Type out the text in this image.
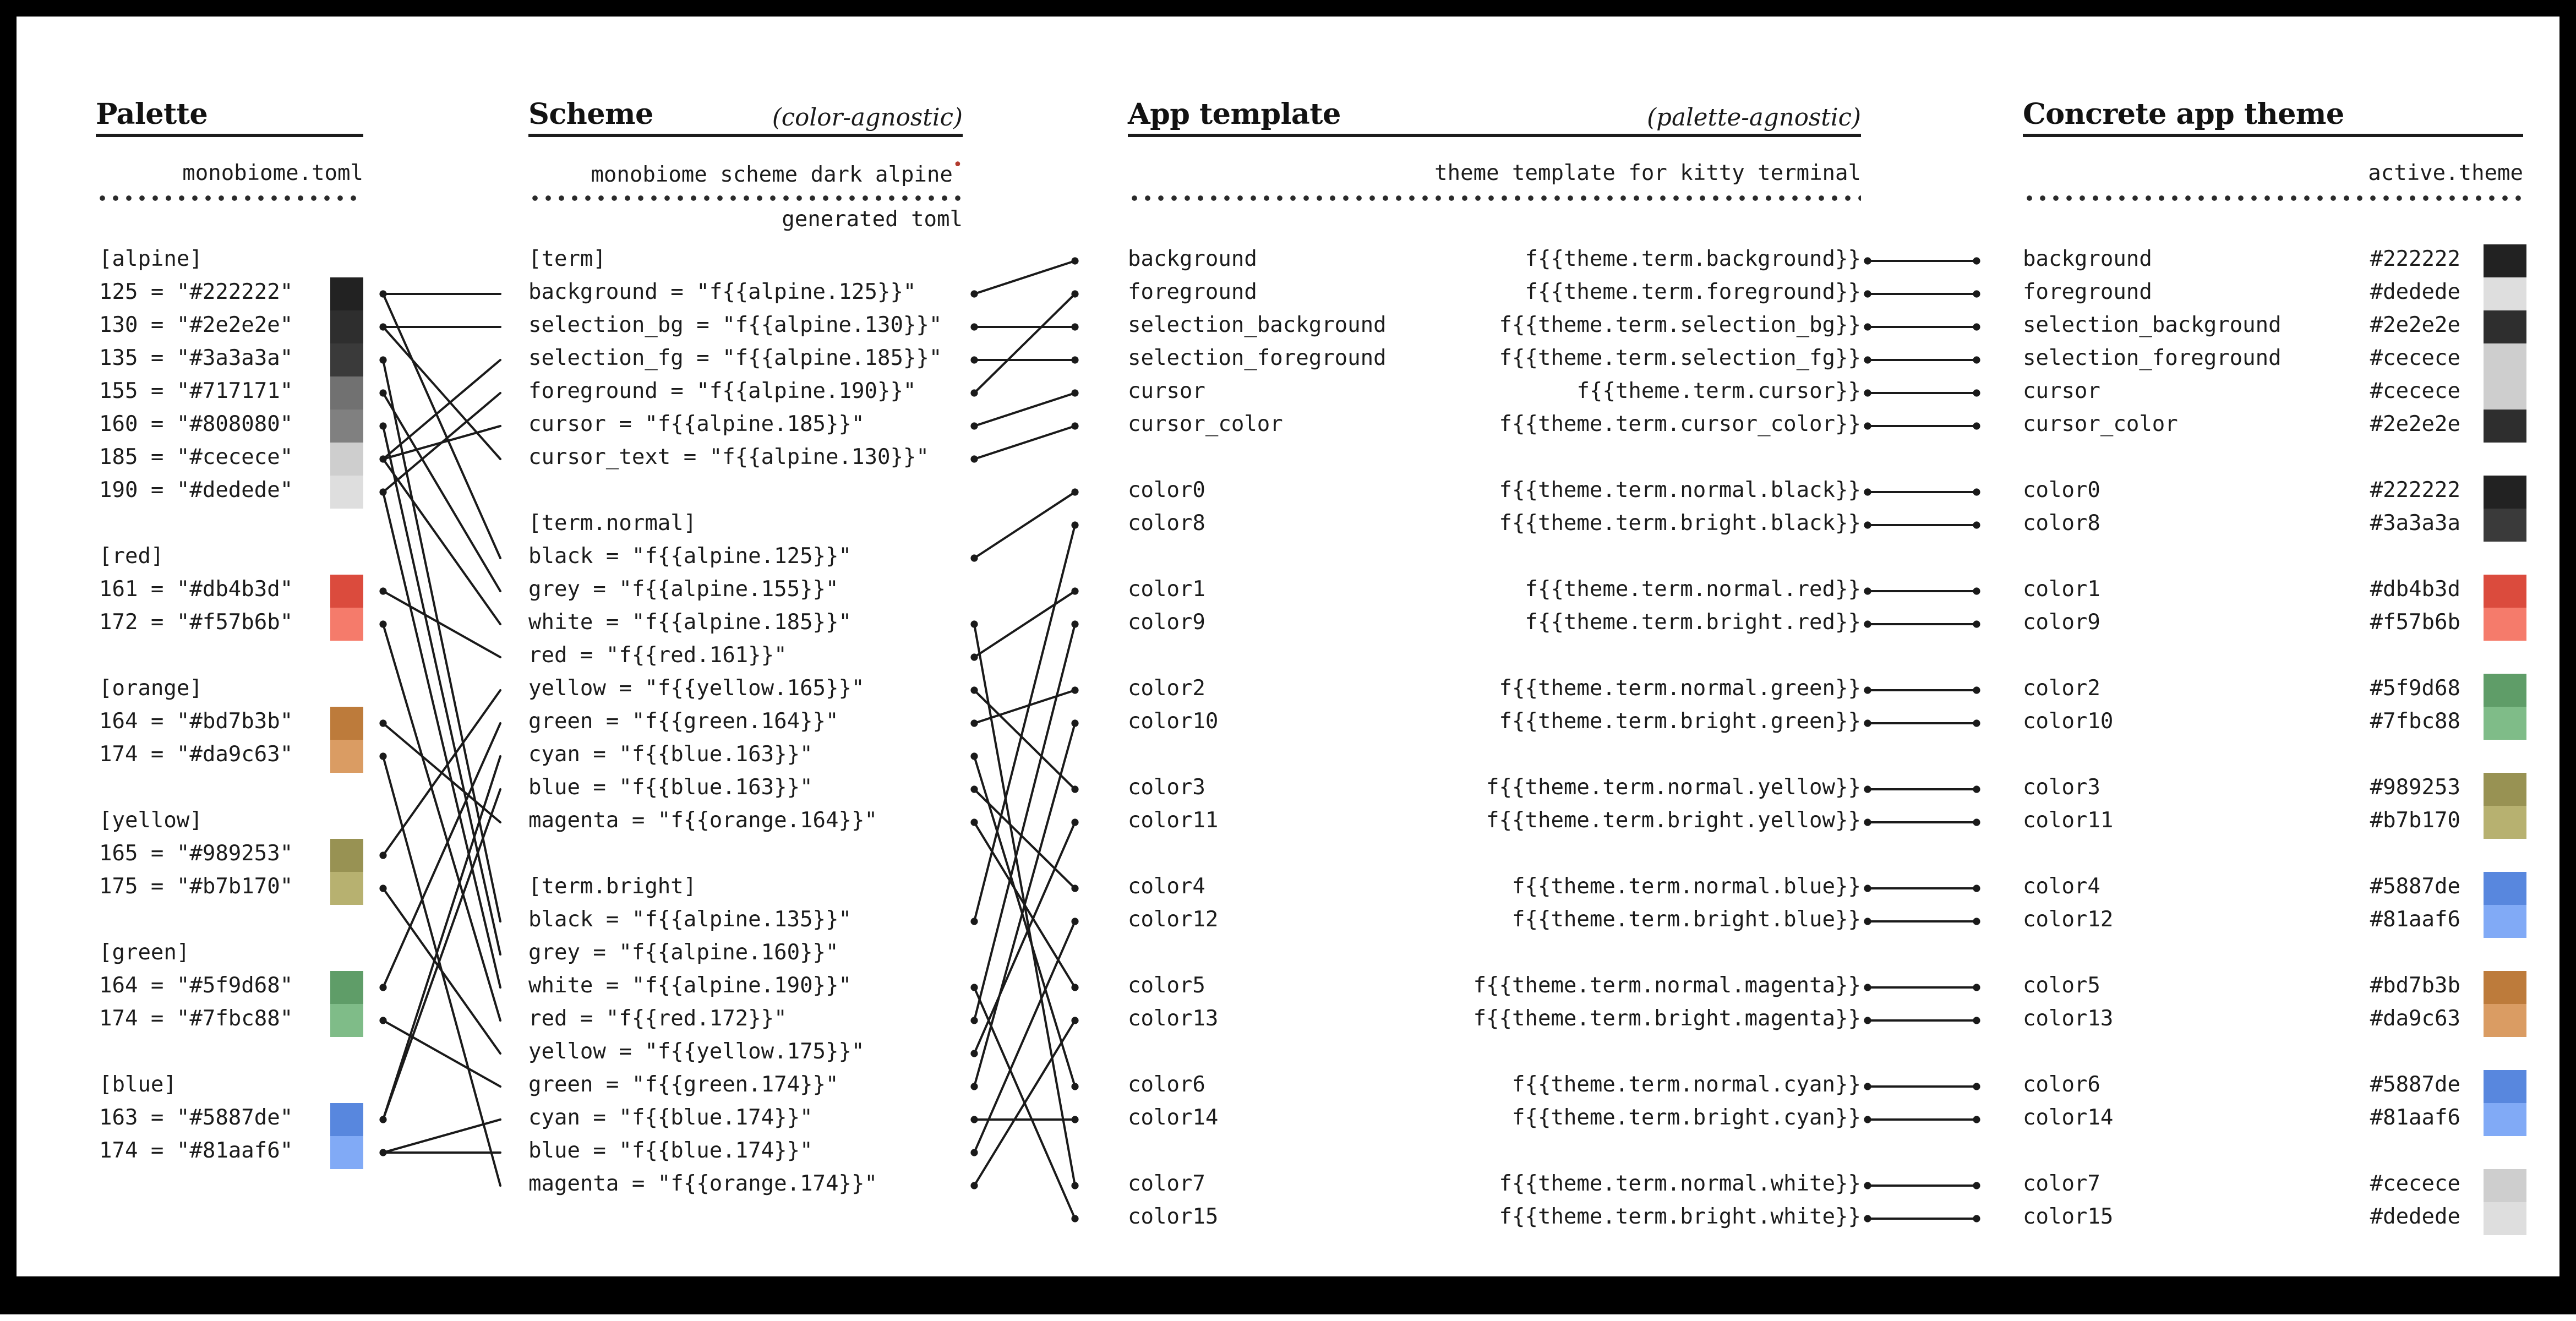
Palette
monobiome.toml
Scheme	(color-agnostic)
monobiome scheme dark alpine•
generated toml
App template	(palette-agnostic)
theme template for kitty terminal
Concrete app theme
active.theme
[alpine]
125 = "#222222"
130 = "#2e2e2e"
135 = "#3a3a3a"
155 = "#717171"
160 = "#808080"
185 = "#cecece"
190 = "#dedede"
[red]
161 = "#db4b3d"
172 = "#f57b6b"
[orange]
164 = "#bd7b3b"
174 = "#da9c63"
[yellow]
165 = "#989253"
175 = "#b7b170"
[green]
164 = "#5f9d68"
174 = "#7fbc88"
[blue]
163 = "#5887de"
174 = "#81aaf6"
[term]
background = "f{{alpine.125}}"
selection_bg = "f{{alpine.130}}"
selection_fg = "f{{alpine.185}}"
foreground = "f{{alpine.190}}"
cursor = "f{{alpine.185}}"
cursor_text = "f{{alpine.130}}"
[term.normal]
black = "f{{alpine.125}}"
grey = "f{{alpine.155}}"
white = "f{{alpine.185}}"
red = "f{{red.161}}"
yellow = "f{{yellow.165}}"
green = "f{{green.164}}"
cyan = "f{{blue.163}}"
blue = "f{{blue.163}}"
magenta = "f{{orange.164}}"
[term.bright]
black = "f{{alpine.135}}"
grey = "f{{alpine.160}}"
white = "f{{alpine.190}}"
red = "f{{red.172}}"
yellow = "f{{yellow.175}}"
green = "f{{green.174}}"
cyan = "f{{blue.174}}"
blue = "f{{blue.174}}"
magenta = "f{{orange.174}}"
background	f{{theme.term.background}}
foreground	f{{theme.term.foreground}}
selection_background	f{{theme.term.selection_bg}}
selection_foreground	f{{theme.term.selection_fg}}
cursor	f{{theme.term.cursor}}
cursor_color	f{{theme.term.cursor_color}}
color0	f{{theme.term.normal.black}}
color8	f{{theme.term.bright.black}}
color1	f{{theme.term.normal.red}}
color9	f{{theme.term.bright.red}}
color2	f{{theme.term.normal.green}}
color10	f{{theme.term.bright.green}}
color3	f{{theme.term.normal.yellow}}
color11	f{{theme.term.bright.yellow}}
color4	f{{theme.term.normal.blue}}
color12	f{{theme.term.bright.blue}}
color5	f{{theme.term.normal.magenta}}
color13	f{{theme.term.bright.magenta}}
color6	f{{theme.term.normal.cyan}}
color14	f{{theme.term.bright.cyan}}
color7	f{{theme.term.normal.white}}
color15	f{{theme.term.bright.white}}
background	#222222
foreground	#dedede
selection_background	#2e2e2e
selection_foreground	#cecece
cursor	#cecece
cursor_color	#2e2e2e
color0	#222222
color8	#3a3a3a
color1	#db4b3d
color9	#f57b6b
color2	#5f9d68
color10	#7fbc88
color3	#989253
color11	#b7b170
color4	#5887de
color12	#81aaf6
color5	#bd7b3b
color13	#da9c63
color6	#5887de
color14	#81aaf6
color7	#cecece
color15	#dedede
